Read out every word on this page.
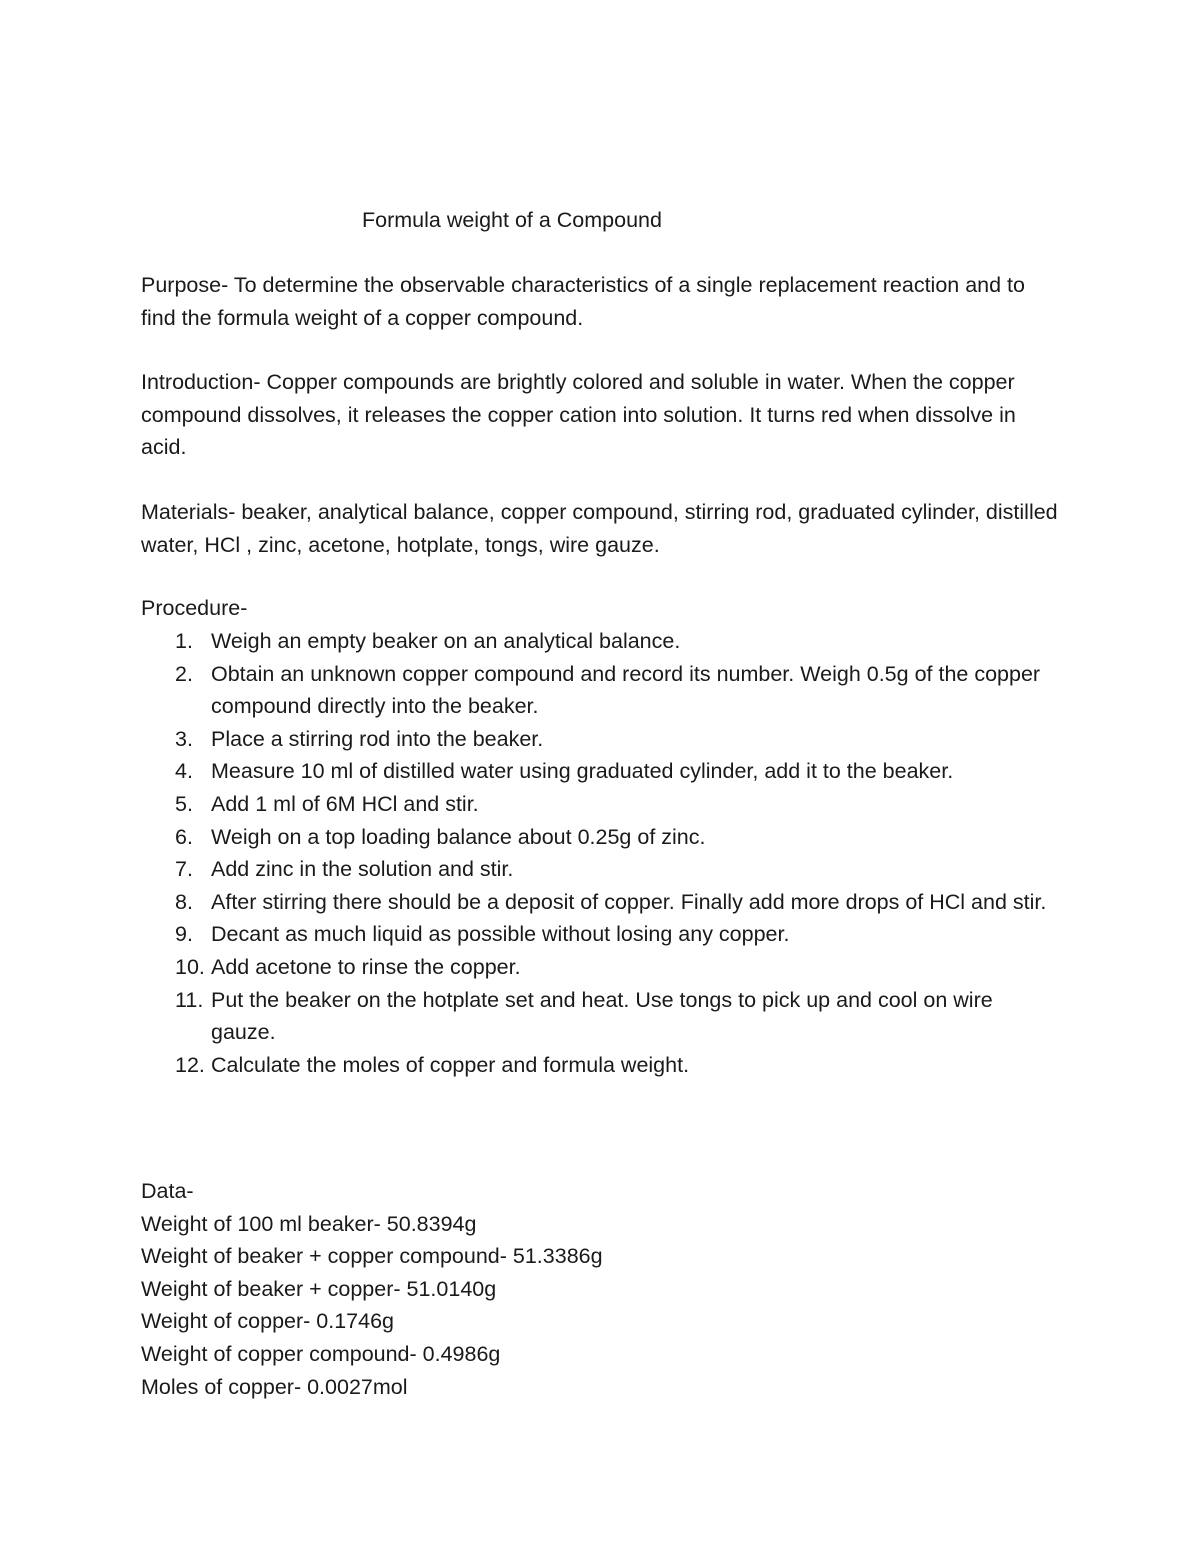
Formula weight of a Compound

Purpose- To determine the observable characteristics of a single replacement reaction and to find the formula weight of a copper compound.

Introduction- Copper compounds are brightly colored and soluble in water. When the copper compound dissolves, it releases the copper cation into solution. It turns red when dissolve in acid.

Materials- beaker, analytical balance, copper compound, stirring rod, graduated cylinder, distilled water, HCl , zinc, acetone, hotplate, tongs, wire gauze.

Procedure-

1. Weigh an empty beaker on an analytical balance.
2. Obtain an unknown copper compound and record its number. Weigh 0.5g of the copper compound directly into the beaker.
3. Place a stirring rod into the beaker.
4. Measure 10 ml of distilled water using graduated cylinder, add it to the beaker.
5. Add 1 ml of 6M HCl and stir.
6. Weigh on a top loading balance about 0.25g of zinc.
7. Add zinc in the solution and stir.
8. After stirring there should be a deposit of copper. Finally add more drops of HCl and stir.
9. Decant as much liquid as possible without losing any copper.
10. Add acetone to rinse the copper.
11. Put the beaker on the hotplate set and heat. Use tongs to pick up and cool on wire gauze.
12. Calculate the moles of copper and formula weight.
Data-
Weight of 100 ml beaker- 50.8394g
Weight of beaker + copper compound- 51.3386g
Weight of beaker + copper- 51.0140g
Weight of copper- 0.1746g
Weight of copper compound- 0.4986g
Moles of copper- 0.0027mol
